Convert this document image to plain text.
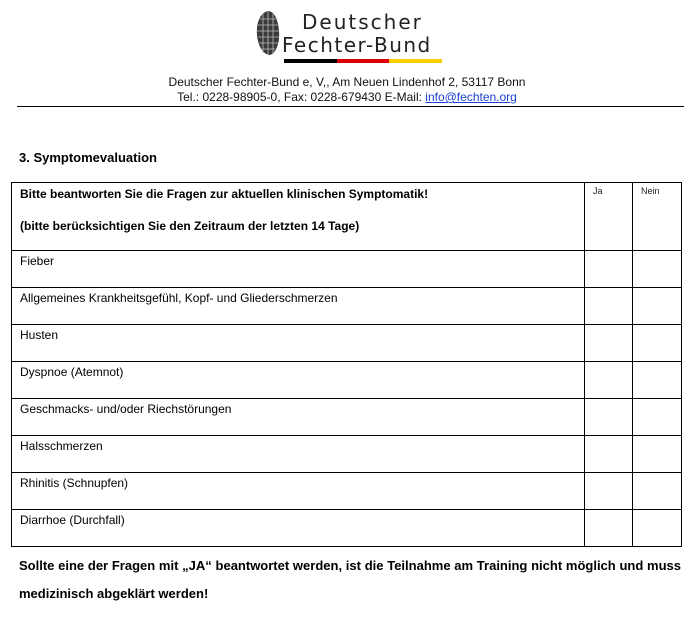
Deutscher
Fechter-Bund
Deutscher Fechter-Bund e, V,, Am Neuen Lindenhof 2, 53117 Bonn
Tel.: 0228-98905-0, Fax: 0228-679430 E-Mail: info@fechten.org
3. Symptomevaluation
Bitte beantworten Sie die Fragen zur aktuellen klinischen Symptomatik!
(bitte berücksichtigen Sie den Zeitraum der letzten 14 Tage)	Ja	Nein
Fieber		
Allgemeines Krankheitsgefühl, Kopf- und Gliederschmerzen		
Husten		
Dyspnoe (Atemnot)		
Geschmacks- und/oder Riechstörungen		
Halsschmerzen		
Rhinitis (Schnupfen)		
Diarrhoe (Durchfall)		
Sollte eine der Fragen mit „JA“ beantwortet werden, ist die Teilnahme am Training nicht möglich und muss medizinisch abgeklärt werden!
